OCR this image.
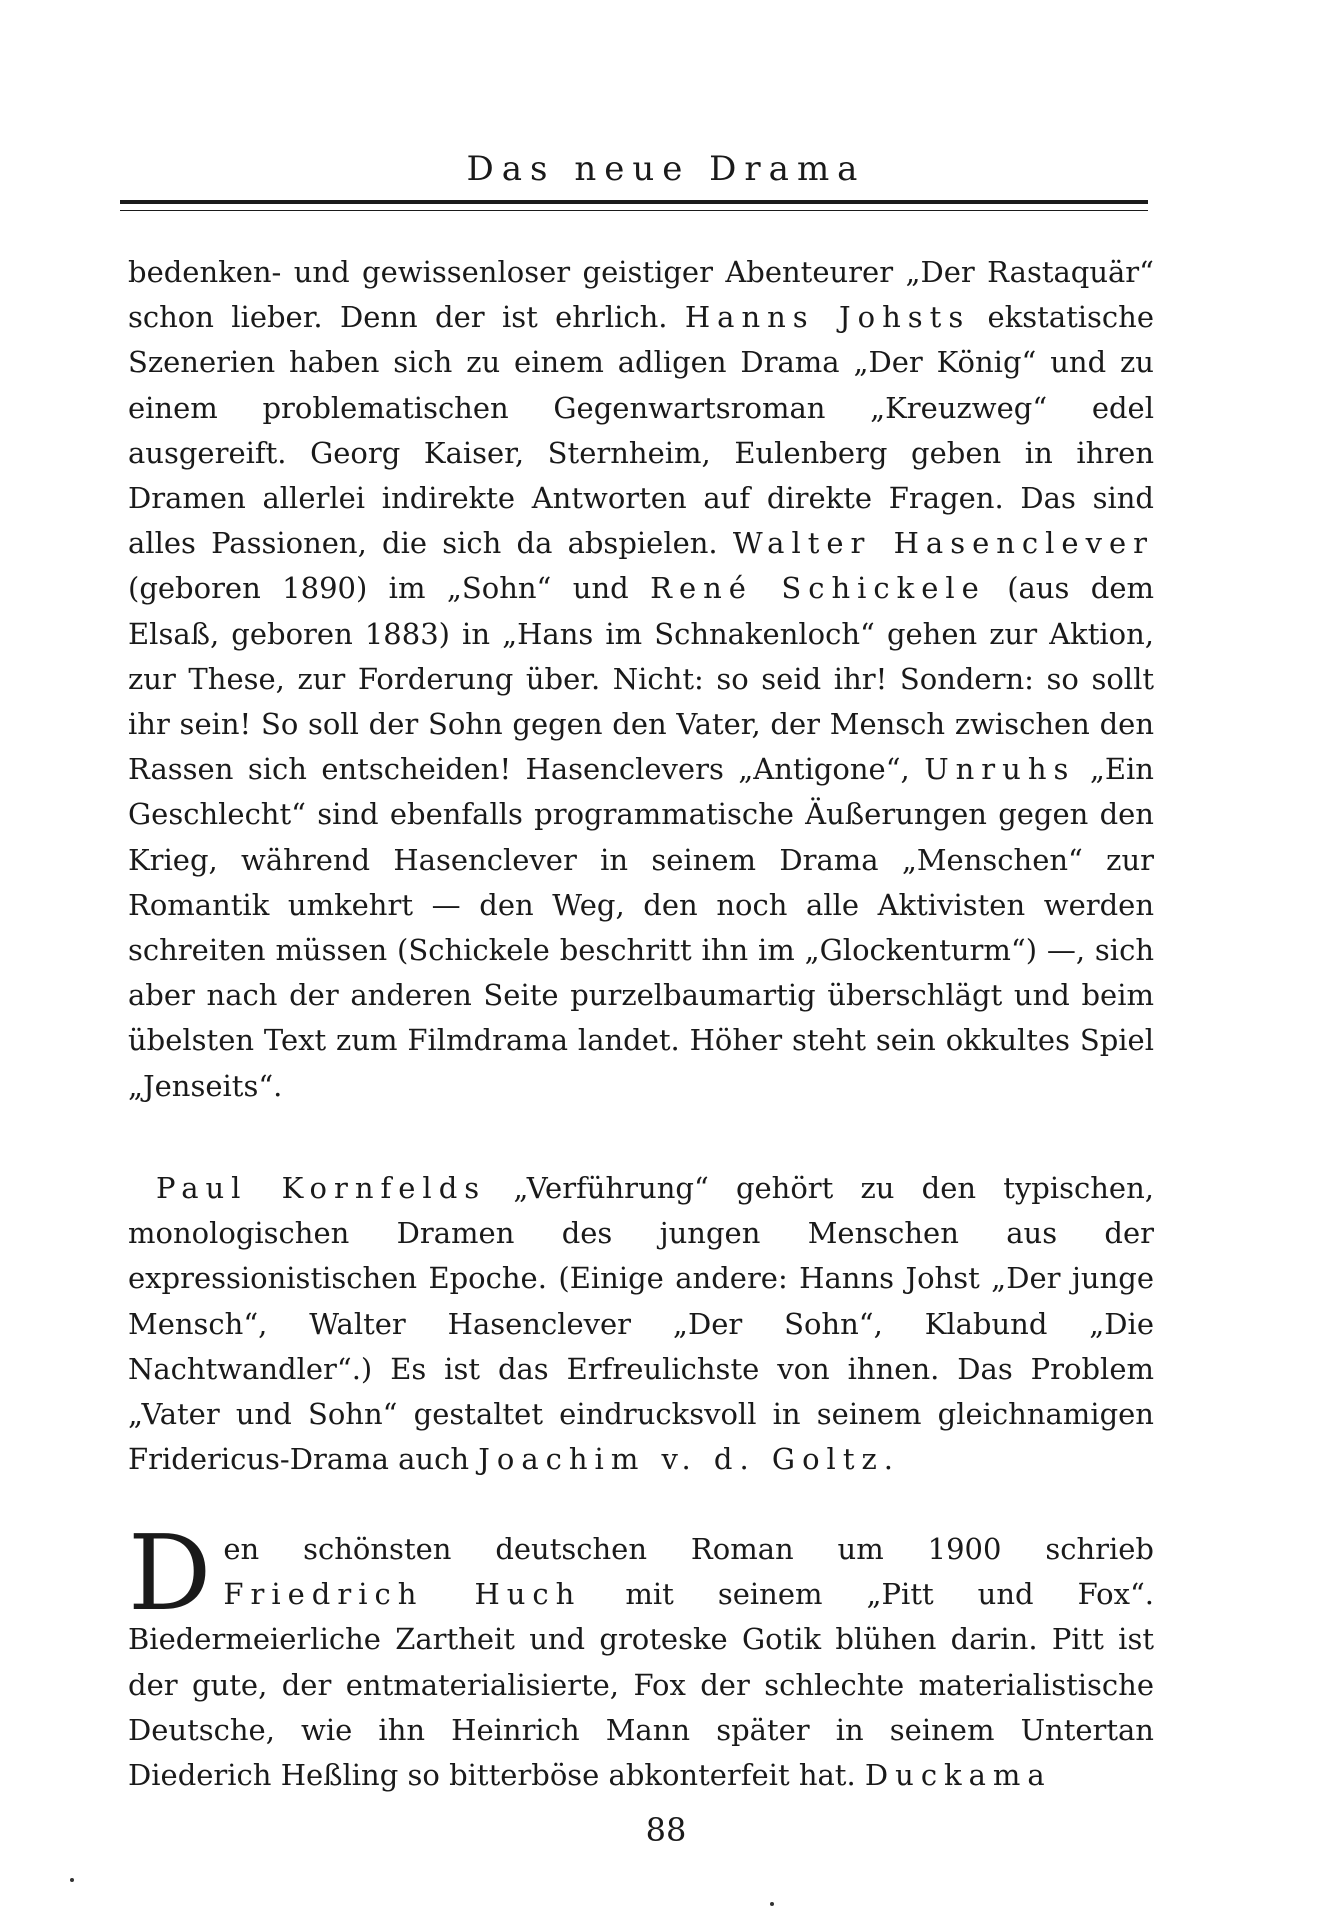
Das neue Drama

bedenken- und gewissenloser geistiger Abenteurer „Der Rastaquär“ schon lieber. Denn der ist ehrlich. Hanns Johsts ekstatische Szenerien haben sich zu einem adligen Drama „Der König“ und zu einem problematischen Gegenwartsroman „Kreuzweg“ edel ausgereift. Georg Kaiser, Sternheim, Eulenberg geben in ihren Dramen allerlei indirekte Antworten auf direkte Fragen. Das sind alles Passionen, die sich da abspielen. Walter Hasenclever (geboren 1890) im „Sohn“ und René Schickele (aus dem Elsaß, geboren 1883) in „Hans im Schnakenloch“ gehen zur Aktion, zur These, zur Forderung über. Nicht: so seid ihr! Sondern: so sollt ihr sein! So soll der Sohn gegen den Vater, der Mensch zwischen den Rassen sich entscheiden! Hasenclevers „Antigone“, Unruhs „Ein Geschlecht“ sind ebenfalls programmatische Äußerungen gegen den Krieg, während Hasenclever in seinem Drama „Menschen“ zur Romantik umkehrt — den Weg, den noch alle Aktivisten werden schreiten müssen (Schickele beschritt ihn im „Glockenturm“) —, sich aber nach der anderen Seite purzelbaumartig überschlägt und beim übelsten Text zum Filmdrama landet. Höher steht sein okkultes Spiel „Jenseits“.

Paul Kornfelds „Verführung“ gehört zu den typischen, monologischen Dramen des jungen Menschen aus der expressionistischen Epoche. (Einige andere: Hanns Johst „Der junge Mensch“, Walter Hasenclever „Der Sohn“, Klabund „Die Nachtwandler“.) Es ist das Erfreulichste von ihnen. Das Problem „Vater und Sohn“ gestaltet eindrucksvoll in seinem gleichnamigen Fridericus-Drama auch Joachim v. d. Goltz.

Den schönsten deutschen Roman um 1900 schrieb Friedrich Huch mit seinem „Pitt und Fox“. Biedermeierliche Zartheit und groteske Gotik blühen darin. Pitt ist der gute, der entmaterialisierte, Fox der schlechte materialistische Deutsche, wie ihn Heinrich Mann später in seinem Untertan Diederich Heßling so bitterböse abkonterfeit hat. Duckama

88
